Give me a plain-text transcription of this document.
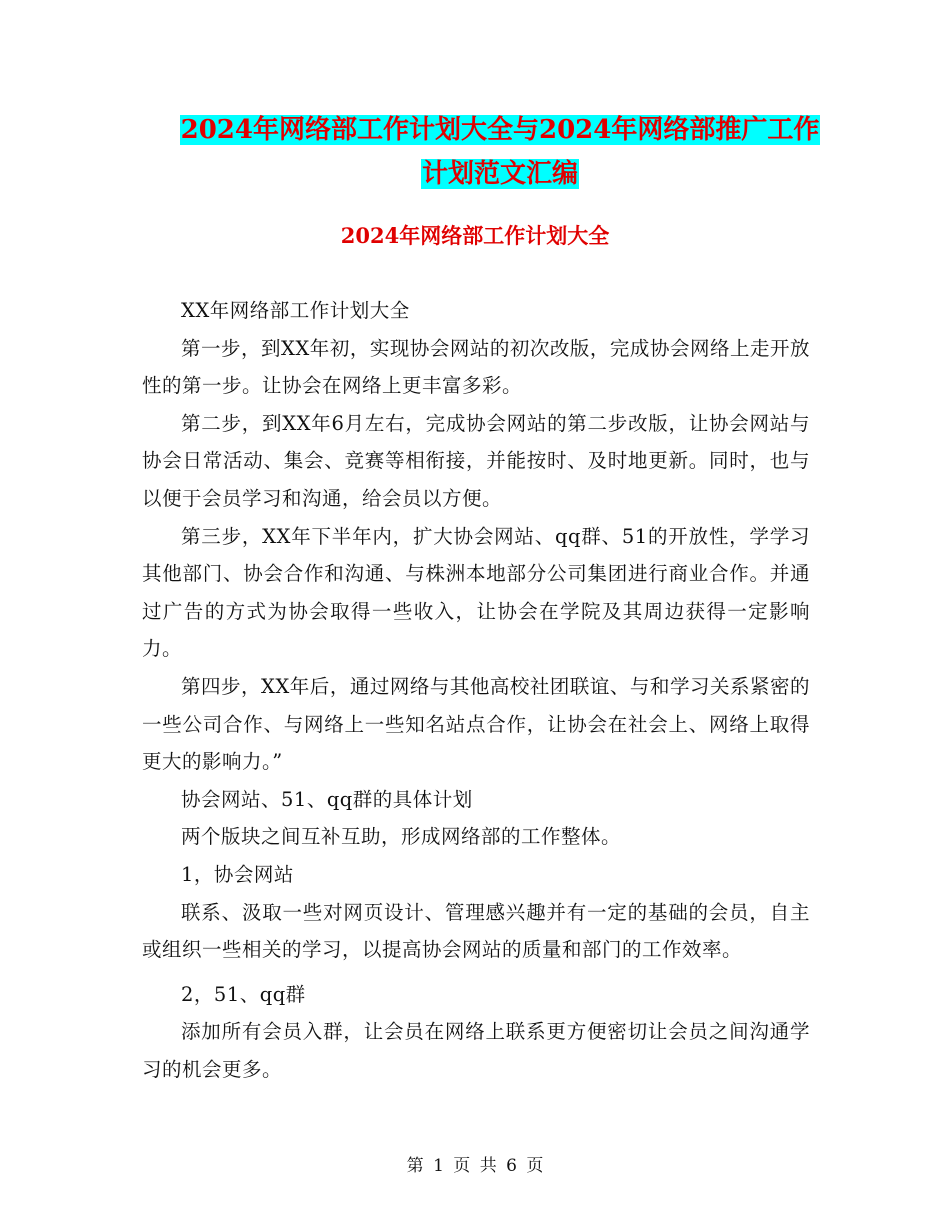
2024年网络部工作计划大全与2024年网络部推广工作
计划范文汇编
2024年网络部工作计划大全

XX年网络部工作计划大全

第一步，到XX年初，实现协会网站的初次改版，完成协会网络上走开放性的第一步。让协会在网络上更丰富多彩。

第二步，到XX年6月左右，完成协会网站的第二步改版，让协会网站与协会日常活动、集会、竞赛等相衔接，并能按时、及时地更新。同时，也与以便于会员学习和沟通，给会员以方便。

第三步，XX年下半年内，扩大协会网站、qq群、51的开放性，学学习其他部门、协会合作和沟通、与株洲本地部分公司集团进行商业合作。并通过广告的方式为协会取得一些收入，让协会在学院及其周边获得一定影响力。

第四步，XX年后，通过网络与其他高校社团联谊、与和学习关系紧密的一些公司合作、与网络上一些知名站点合作，让协会在社会上、网络上取得更大的影响力。”

协会网站、51、qq群的具体计划

两个版块之间互补互助，形成网络部的工作整体。

1，协会网站

联系、汲取一些对网页设计、管理感兴趣并有一定的基础的会员，自主或组织一些相关的学习，以提高协会网站的质量和部门的工作效率。

2，51、qq群

添加所有会员入群，让会员在网络上联系更方便密切让会员之间沟通学习的机会更多。

第 1 页 共 6 页
